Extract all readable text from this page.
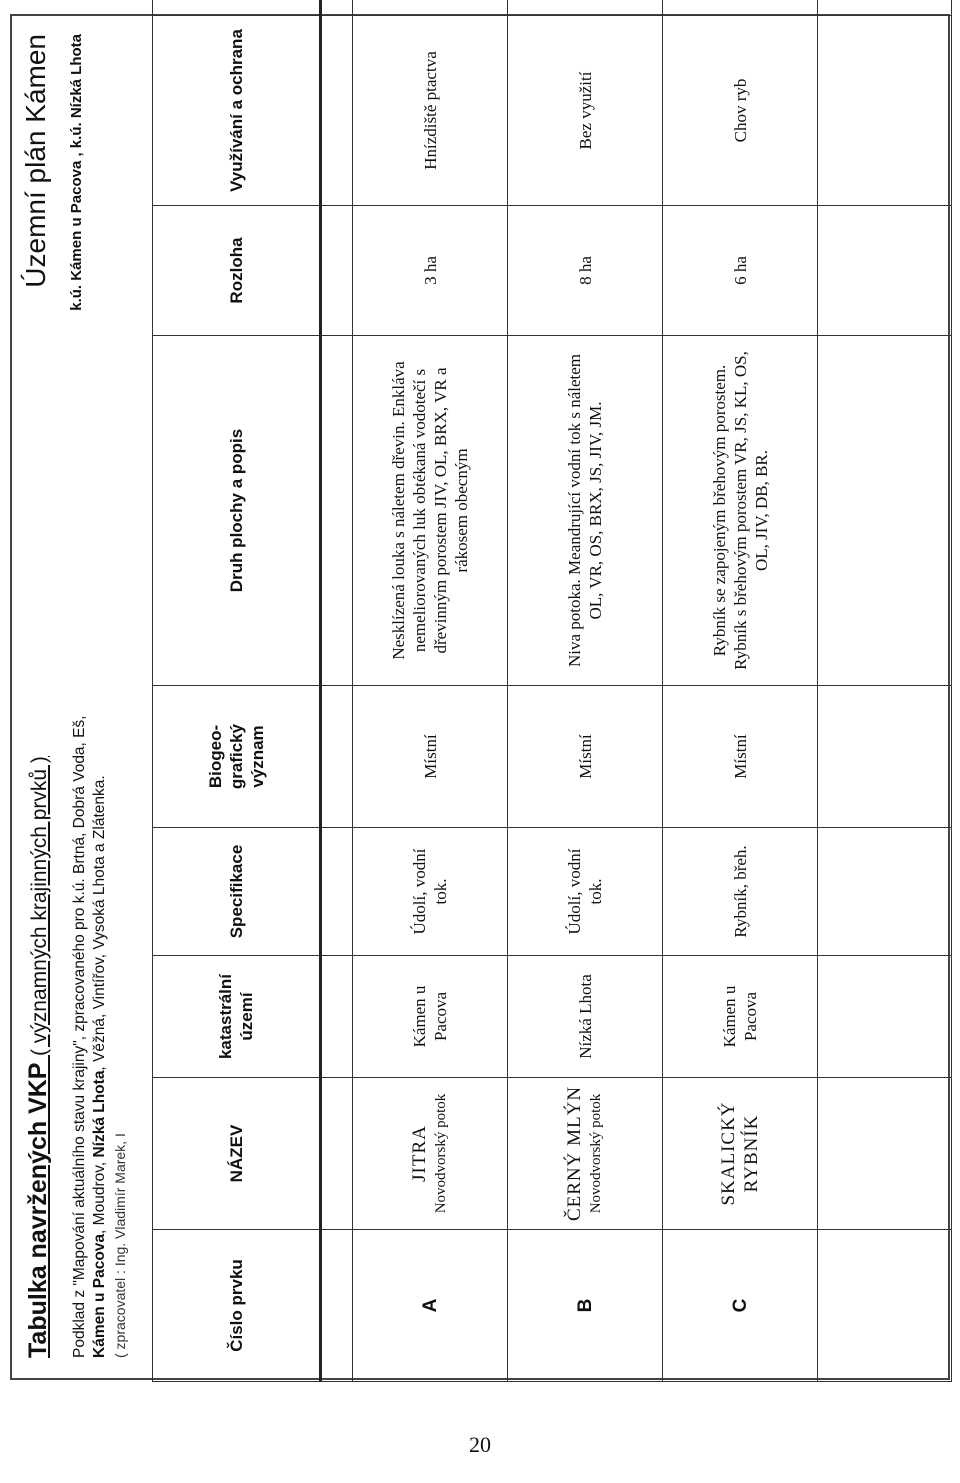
Tabulka navržených VKP ( významných krajinných prvků ) Podklad z "Mapování aktuálního stavu krajiny", zpracovaného pro k.ú. Brtná, Dobrá Voda, Eš, Kámen u Pacova, Moudrov, Nízká Lhota, Věžná, Vintířov, Vysoká Lhota a Zlátenka.
( zpracovatel : Ing. Vladimír Marek, I
Územní plán Kámen k.ú. Kámen u Pacova , k.ú. Nízká Lhota
Číslo prvku	NÁZEV	katastrální území	Specifikace	Biogeo- grafický význam	Druh plochy a popis	Rozloha	Využívání a ochrana	

A	JITRA Novodvorský potok	Kámen u Pacova	Údolí, vodní tok.	Místní	Nesklízená louka s náletem dřevin. Enkláva nemeliorovaných luk obtékaná vodotečí s dřevinným porostem JIV, OL, BRX, VR a rákosem obecným	3 ha	Hnízdiště ptactva	
B	ČERNÝ MLÝN Novodvorský potok	Nízká Lhota	Údolí, vodní tok.	Místní	Niva potoka. Meandrující vodní tok s náletem OL, VR, OS, BRX, JS, JIV, JM.	8 ha	Bez využití	
C	SKALICKÝ RYBNÍK	Kámen u Pacova	Rybník, břeh.	Místní	Rybník se zapojeným břehovým porostem. Rybník s břehovým porostem VR, JS, KL, OS, OL, JIV, DB, BR.	6 ha	Chov ryb	

20
